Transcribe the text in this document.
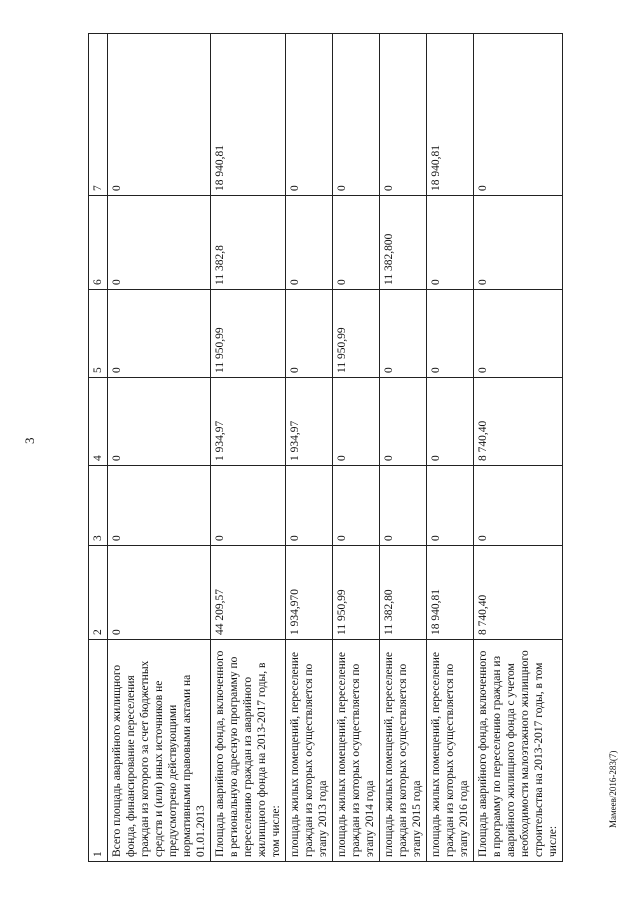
3
Мамеев/2016-283(7)
1	2	3	4	5	6	7
Всего площадь аварийного жилищного фонда, финансирование переселения граждан из которого за счет бюджетных средств и (или) иных источников не предусмотрено действующими нормативными правовыми актами на 01.01.2013	0	0	0	0	0	0
Площадь аварийного фонда, включенного в региональную адресную программу по переселению граждан из аварийного жилищного фонда на 2013-2017 годы, в том числе:	44 209,57	0	1 934,97	11 950,99	11 382,8	18 940,81
площадь жилых помещений, переселение граждан из которых осуществляется по этапу 2013 года	1 934,970	0	1 934,97	0	0	0
площадь жилых помещений, переселение граждан из которых осуществляется по этапу 2014 года	11 950,99	0	0	11 950,99	0	0
площадь жилых помещений, переселение граждан из которых осуществляется по этапу 2015 года	11 382,80	0	0	0	11 382,800	0
площадь жилых помещений, переселение граждан из которых осуществляется по этапу 2016 года	18 940,81	0	0	0	0	18 940,81
Площадь аварийного фонда, включенного в программу по переселению граждан из аварийного жилищного фонда с учетом необходимости малоэтажного жилищного строительства на 2013-2017 годы, в том числе:	8 740,40	0	8 740,40	0	0	0
